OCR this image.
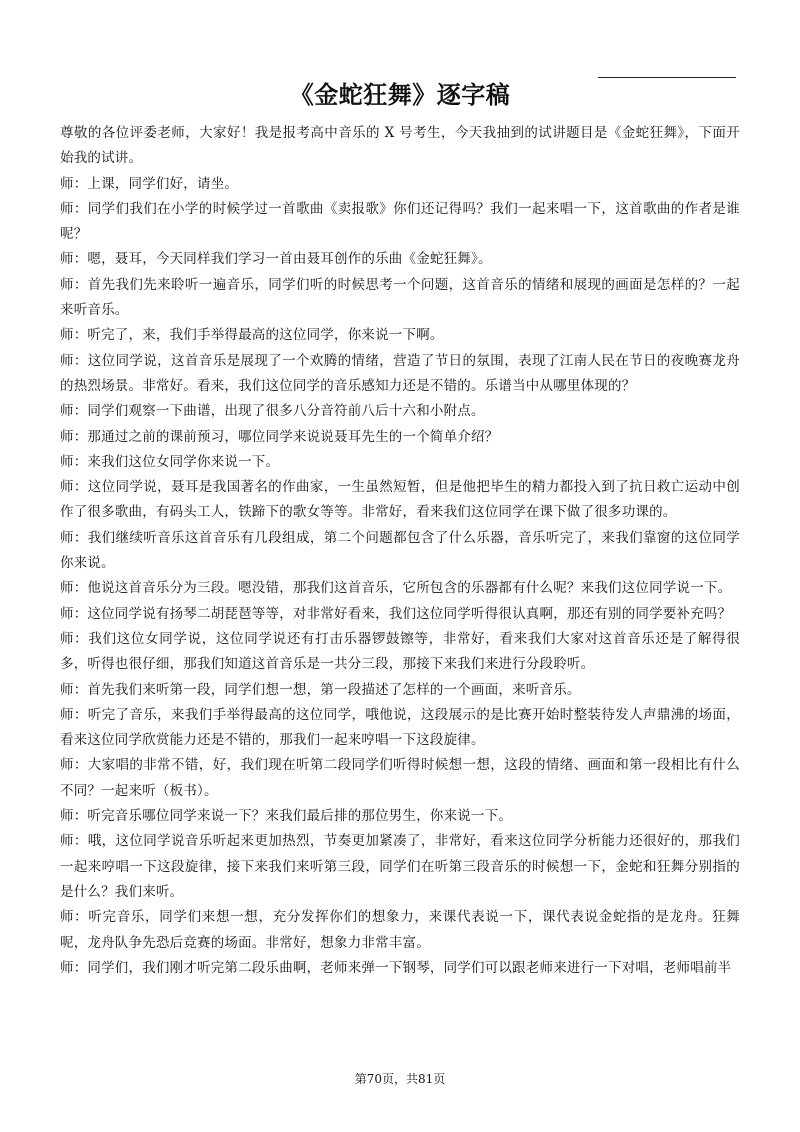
《金蛇狂舞》逐字稿

尊敬的各位评委老师，大家好！我是报考高中音乐的 X 号考生，今天我抽到的试讲题目是《金蛇狂舞》，下面开始我的试讲。

师：上课，同学们好，请坐。

师：同学们我们在小学的时候学过一首歌曲《卖报歌》你们还记得吗？我们一起来唱一下，这首歌曲的作者是谁呢？

师：嗯，聂耳，今天同样我们学习一首由聂耳创作的乐曲《金蛇狂舞》。

师：首先我们先来聆听一遍音乐，同学们听的时候思考一个问题，这首音乐的情绪和展现的画面是怎样的？一起来听音乐。

师：听完了，来，我们手举得最高的这位同学，你来说一下啊。

师：这位同学说，这首音乐是展现了一个欢腾的情绪，营造了节日的氛围，表现了江南人民在节日的夜晚赛龙舟的热烈场景。非常好。看来，我们这位同学的音乐感知力还是不错的。乐谱当中从哪里体现的？

师：同学们观察一下曲谱，出现了很多八分音符前八后十六和小附点。

师：那通过之前的课前预习，哪位同学来说说聂耳先生的一个简单介绍？

师：来我们这位女同学你来说一下。

师：这位同学说，聂耳是我国著名的作曲家，一生虽然短暂，但是他把毕生的精力都投入到了抗日救亡运动中创作了很多歌曲，有码头工人，铁蹄下的歌女等等。非常好，看来我们这位同学在课下做了很多功课的。

师：我们继续听音乐这首音乐有几段组成，第二个问题都包含了什么乐器，音乐听完了，来我们靠窗的这位同学你来说。

师：他说这首音乐分为三段。嗯没错，那我们这首音乐，它所包含的乐器都有什么呢？来我们这位同学说一下。

师：这位同学说有扬琴二胡琵琶等等，对非常好看来，我们这位同学听得很认真啊，那还有别的同学要补充吗？

师：我们这位女同学说，这位同学说还有打击乐器锣鼓镲等，非常好，看来我们大家对这首音乐还是了解得很多，听得也很仔细，那我们知道这首音乐是一共分三段，那接下来我们来进行分段聆听。

师：首先我们来听第一段，同学们想一想，第一段描述了怎样的一个画面，来听音乐。

师：听完了音乐，来我们手举得最高的这位同学，哦他说，这段展示的是比赛开始时整装待发人声鼎沸的场面，看来这位同学欣赏能力还是不错的，那我们一起来哼唱一下这段旋律。

师：大家唱的非常不错，好，我们现在听第二段同学们听得时候想一想，这段的情绪、画面和第一段相比有什么不同？一起来听（板书）。

师：听完音乐哪位同学来说一下？来我们最后排的那位男生，你来说一下。

师：哦，这位同学说音乐听起来更加热烈，节奏更加紧凑了，非常好，看来这位同学分析能力还很好的，那我们一起来哼唱一下这段旋律，接下来我们来听第三段，同学们在听第三段音乐的时候想一下，金蛇和狂舞分别指的是什么？我们来听。

师：听完音乐，同学们来想一想，充分发挥你们的想象力，来课代表说一下，课代表说金蛇指的是龙舟。狂舞呢，龙舟队争先恐后竞赛的场面。非常好，想象力非常丰富。

师：同学们，我们刚才听完第二段乐曲啊，老师来弹一下钢琴，同学们可以跟老师来进行一下对唱，老师唱前半

第70页，共81页
